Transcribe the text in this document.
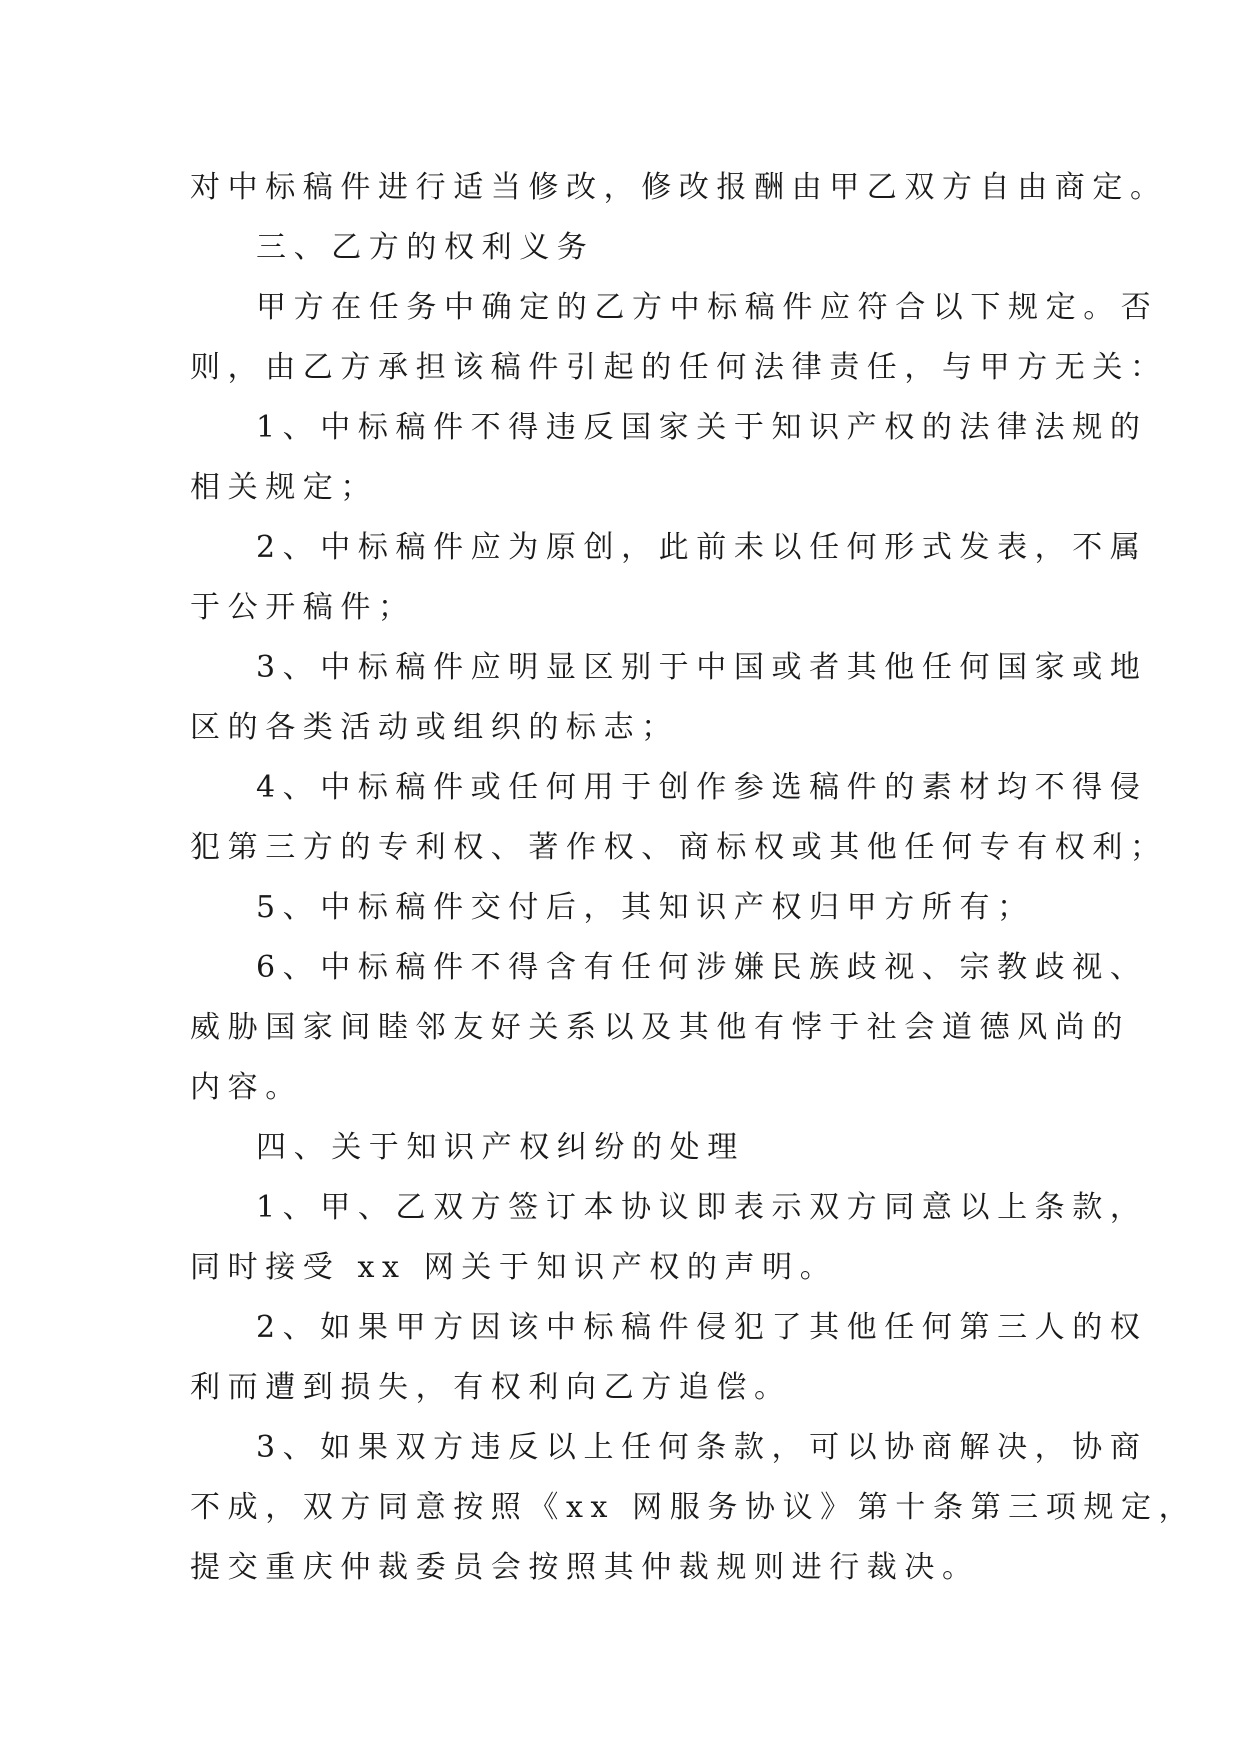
对中标稿件进行适当修改，修改报酬由甲乙双方自由商定。
三、乙方的权利义务
甲方在任务中确定的乙方中标稿件应符合以下规定。否
则，由乙方承担该稿件引起的任何法律责任，与甲方无关：
1、中标稿件不得违反国家关于知识产权的法律法规的
相关规定；
2、中标稿件应为原创，此前未以任何形式发表，不属
于公开稿件；
3、中标稿件应明显区别于中国或者其他任何国家或地
区的各类活动或组织的标志；
4、中标稿件或任何用于创作参选稿件的素材均不得侵
犯第三方的专利权、著作权、商标权或其他任何专有权利；
5、中标稿件交付后，其知识产权归甲方所有；
6、中标稿件不得含有任何涉嫌民族歧视、宗教歧视、
威胁国家间睦邻友好关系以及其他有悖于社会道德风尚的
内容。
四、关于知识产权纠纷的处理
1、甲、乙双方签订本协议即表示双方同意以上条款，
同时接受 xx 网关于知识产权的声明。
2、如果甲方因该中标稿件侵犯了其他任何第三人的权
利而遭到损失，有权利向乙方追偿。
3、如果双方违反以上任何条款，可以协商解决，协商
不成，双方同意按照《xx 网服务协议》第十条第三项规定，
提交重庆仲裁委员会按照其仲裁规则进行裁决。
